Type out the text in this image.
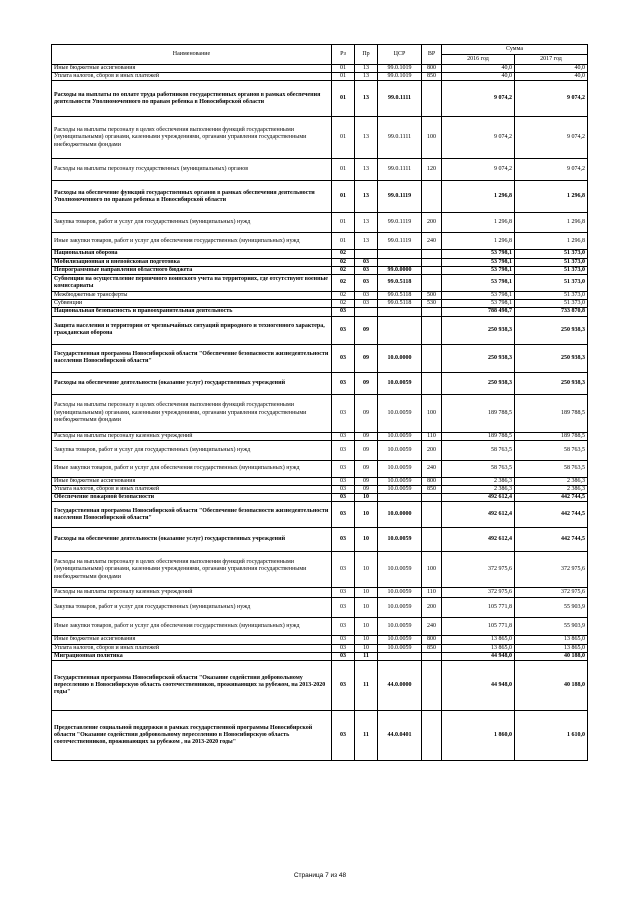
Наименование	Рз	Пр	ЦСР	ВР	Сумма	
					2016 год	2017 год
Иные бюджетные ассигнования	01	13	99.0.1019	800	40,0	40,0
Уплата налогов, сборов и иных платежей	01	13	99.0.1019	850	40,0	40,0
Расходы на выплаты по оплате труда работников государственных органов в рамках обеспечения деятельности Уполномоченного по правам ребенка в Новосибирской области	01	13	99.0.1111		9 074,2	9 074,2
Расходы на выплаты персоналу в целях обеспечения выполнения функций государственными (муниципальными) органами, казенными учреждениями, органами управления государственными внебюджетными фондами	01	13	99.0.1111	100	9 074,2	9 074,2
Расходы на выплаты персоналу государственных (муниципальных) органов	01	13	99.0.1111	120	9 074,2	9 074,2
Расходы на обеспечение функций государственных органов в рамках обеспечения деятельности Уполномоченного по правам ребенка в Новосибирской области	01	13	99.0.1119		1 296,8	1 296,8
Закупка товаров, работ и услуг для государственных (муниципальных) нужд	01	13	99.0.1119	200	1 296,8	1 296,8
Иные закупки товаров, работ и услуг для обеспечения государственных (муниципальных) нужд	01	13	99.0.1119	240	1 296,8	1 296,8
Национальная оборона	02				53 798,1	51 373,0
Мобилизационная и вневойсковая подготовка	02	03			53 798,1	51 373,0
Непрограммные направления областного бюджета	02	03	99.0.0000		53 798,1	51 373,0
Субвенции на осуществление первичного воинского учета на территориях, где отсутствуют военные комиссариаты	02	03	99.0.5118		53 798,1	51 373,0
Межбюджетные трансферты	02	03	99.0.5118	500	53 798,1	51 373,0
Субвенции	02	03	99.0.5118	530	53 798,1	51 373,0
Национальная безопасность и правоохранительная деятельность	03				788 498,7	733 870,8
Защита населения и территории от чрезвычайных ситуаций природного и техногенного характера, гражданская оборона	03	09			250 938,3	250 938,3
Государственная программа Новосибирской области "Обеспечение безопасности жизнедеятельности населения Новосибирской области"	03	09	10.0.0000		250 938,3	250 938,3
Расходы на обеспечение деятельности (оказание услуг) государственных учреждений	03	09	10.0.0059		250 938,3	250 938,3
Расходы на выплаты персоналу в целях обеспечения выполнения функций государственными (муниципальными) органами, казенными учреждениями, органами управления государственными внебюджетными фондами	03	09	10.0.0059	100	189 788,5	189 788,5
Расходы на выплаты персоналу казенных учреждений	03	09	10.0.0059	110	189 788,5	189 788,5
Закупка товаров, работ и услуг для государственных (муниципальных) нужд	03	09	10.0.0059	200	58 763,5	58 763,5
Иные закупки товаров, работ и услуг для обеспечения государственных (муниципальных) нужд	03	09	10.0.0059	240	58 763,5	58 763,5
Иные бюджетные ассигнования	03	09	10.0.0059	800	2 386,3	2 386,3
Уплата налогов, сборов и иных платежей	03	09	10.0.0059	850	2 386,3	2 386,3
Обеспечение пожарной безопасности	03	10			492 612,4	442 744,5
Государственная программа Новосибирской области "Обеспечение безопасности жизнедеятельности населения Новосибирской области"	03	10	10.0.0000		492 612,4	442 744,5
Расходы на обеспечение деятельности (оказание услуг) государственных учреждений	03	10	10.0.0059		492 612,4	442 744,5
Расходы на выплаты персоналу в целях обеспечения выполнения функций государственными (муниципальными) органами, казенными учреждениями, органами управления государственными внебюджетными фондами	03	10	10.0.0059	100	372 975,6	372 975,6
Расходы на выплаты персоналу казенных учреждений	03	10	10.0.0059	110	372 975,6	372 975,6
Закупка товаров, работ и услуг для государственных (муниципальных) нужд	03	10	10.0.0059	200	105 771,8	55 903,9
Иные закупки товаров, работ и услуг для обеспечения государственных (муниципальных) нужд	03	10	10.0.0059	240	105 771,8	55 903,9
Иные бюджетные ассигнования	03	10	10.0.0059	800	13 865,0	13 865,0
Уплата налогов, сборов и иных платежей	03	10	10.0.0059	850	13 865,0	13 865,0
Миграционная политика	03	11			44 948,0	40 188,0
Государственная программа Новосибирской области "Оказание содействия добровольному переселению в Новосибирскую область соотечественников, проживающих за рубежом, на 2013-2020 годы"	03	11	44.0.0000		44 948,0	40 188,0
Предоставление социальной поддержки в рамках государственной программы Новосибирской области "Оказание содействия добровольному переселению в Новосибирскую область соотечественников, проживающих за рубежом , на 2013-2020 годы"	03	11	44.0.0401		1 860,0	1 610,0
Страница 7 из 48
